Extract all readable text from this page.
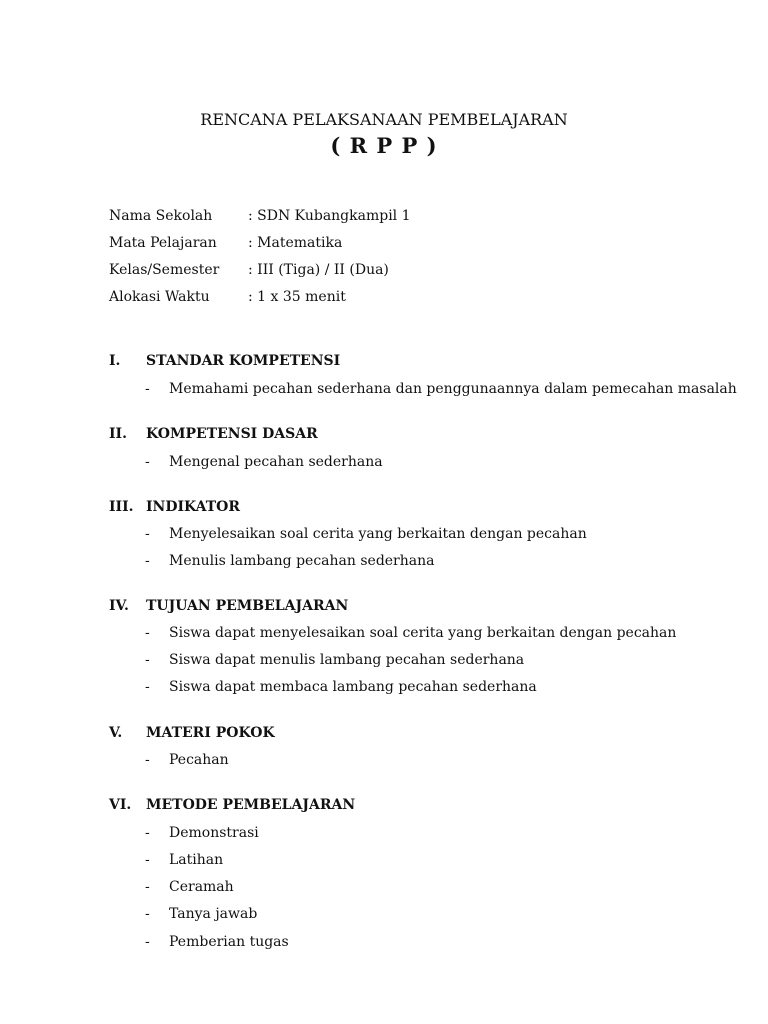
RENCANA PELAKSANAAN PEMBELAJARAN
( R P P )
Nama Sekolah	: SDN Kubangkampil 1
Mata Pelajaran : Matematika
Kelas/Semester : III (Tiga) / II (Dua)
Alokasi Waktu	: 1 x 35 menit
I. STANDAR KOMPETENSI
- Memahami pecahan sederhana dan penggunaannya dalam pemecahan masalah
II. KOMPETENSI DASAR
- Mengenal pecahan sederhana
III. INDIKATOR
- Menyelesaikan soal cerita yang berkaitan dengan pecahan
- Menulis lambang pecahan sederhana
IV. TUJUAN PEMBELAJARAN
- Siswa dapat menyelesaikan soal cerita yang berkaitan dengan pecahan
- Siswa dapat menulis lambang pecahan sederhana
- Siswa dapat membaca lambang pecahan sederhana
V. MATERI POKOK
- Pecahan
VI. METODE PEMBELAJARAN
- Demonstrasi
- Latihan
- Ceramah
- Tanya jawab
- Pemberian tugas
